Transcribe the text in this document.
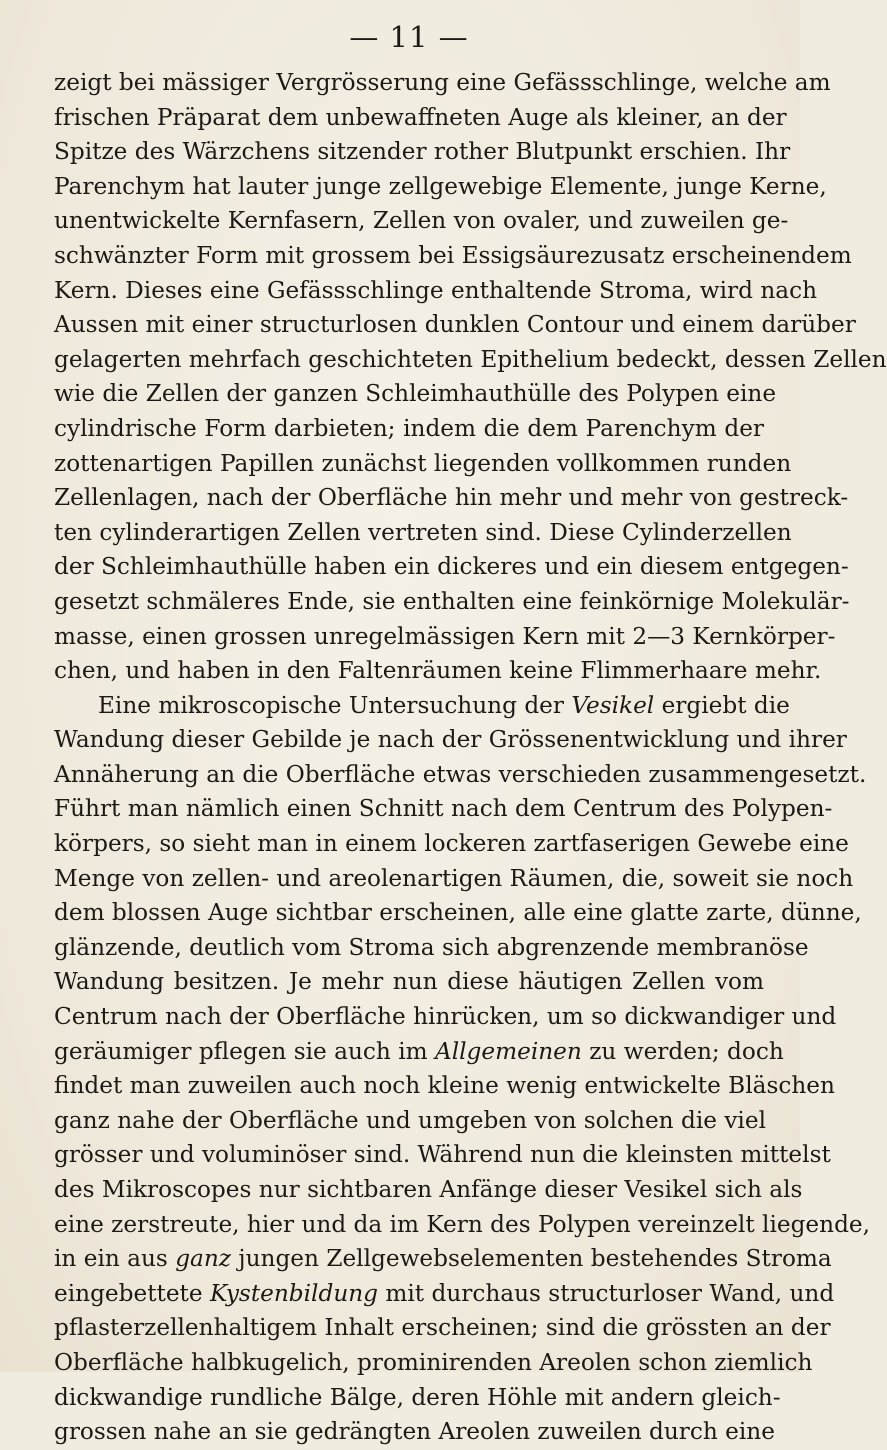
— 11 —

zeigt bei mässiger Vergrösserung eine Gefässschlinge, welche am
frischen Präparat dem unbewaffneten Auge als kleiner, an der
Spitze des Wärzchens sitzender rother Blutpunkt erschien. Ihr
Parenchym hat lauter junge zellgewebige Elemente, junge Kerne,
unentwickelte Kernfasern, Zellen von ovaler, und zuweilen ge-
schwänzter Form mit grossem bei Essigsäurezusatz erscheinendem
Kern. Dieses eine Gefässschlinge enthaltende Stroma, wird nach
Aussen mit einer structurlosen dunklen Contour und einem darüber
gelagerten mehrfach geschichteten Epithelium bedeckt, dessen Zellen
wie die Zellen der ganzen Schleimhauthülle des Polypen eine
cylindrische Form darbieten; indem die dem Parenchym der
zottenartigen Papillen zunächst liegenden vollkommen runden
Zellenlagen, nach der Oberfläche hin mehr und mehr von gestreck-
ten cylinderartigen Zellen vertreten sind. Diese Cylinderzellen
der Schleimhauthülle haben ein dickeres und ein diesem entgegen-
gesetzt schmäleres Ende, sie enthalten eine feinkörnige Molekulär-
masse, einen grossen unregelmässigen Kern mit 2—3 Kernkörper-
chen, und haben in den Faltenräumen keine Flimmerhaare mehr.

Eine mikroscopische Untersuchung der Vesikel ergiebt die
Wandung dieser Gebilde je nach der Grössenentwicklung und ihrer
Annäherung an die Oberfläche etwas verschieden zusammengesetzt.
Führt man nämlich einen Schnitt nach dem Centrum des Polypen-
körpers, so sieht man in einem lockeren zartfaserigen Gewebe eine
Menge von zellen- und areolenartigen Räumen, die, soweit sie noch
dem blossen Auge sichtbar erscheinen, alle eine glatte zarte, dünne,
glänzende, deutlich vom Stroma sich abgrenzende membranöse
Wandung besitzen. Je mehr nun diese häutigen Zellen vom
Centrum nach der Oberfläche hinrücken, um so dickwandiger und
geräumiger pflegen sie auch im Allgemeinen zu werden; doch
findet man zuweilen auch noch kleine wenig entwickelte Bläschen
ganz nahe der Oberfläche und umgeben von solchen die viel
grösser und voluminöser sind. Während nun die kleinsten mittelst
des Mikroscopes nur sichtbaren Anfänge dieser Vesikel sich als
eine zerstreute, hier und da im Kern des Polypen vereinzelt liegende,
in ein aus ganz jungen Zellgewebselementen bestehendes Stroma
eingebettete Kystenbildung mit durchaus structurloser Wand, und
pflasterzellenhaltigem Inhalt erscheinen; sind die grössten an der
Oberfläche halbkugelich, prominirenden Areolen schon ziemlich
dickwandige rundliche Bälge, deren Höhle mit andern gleich-
grossen nahe an sie gedrängten Areolen zuweilen durch eine
